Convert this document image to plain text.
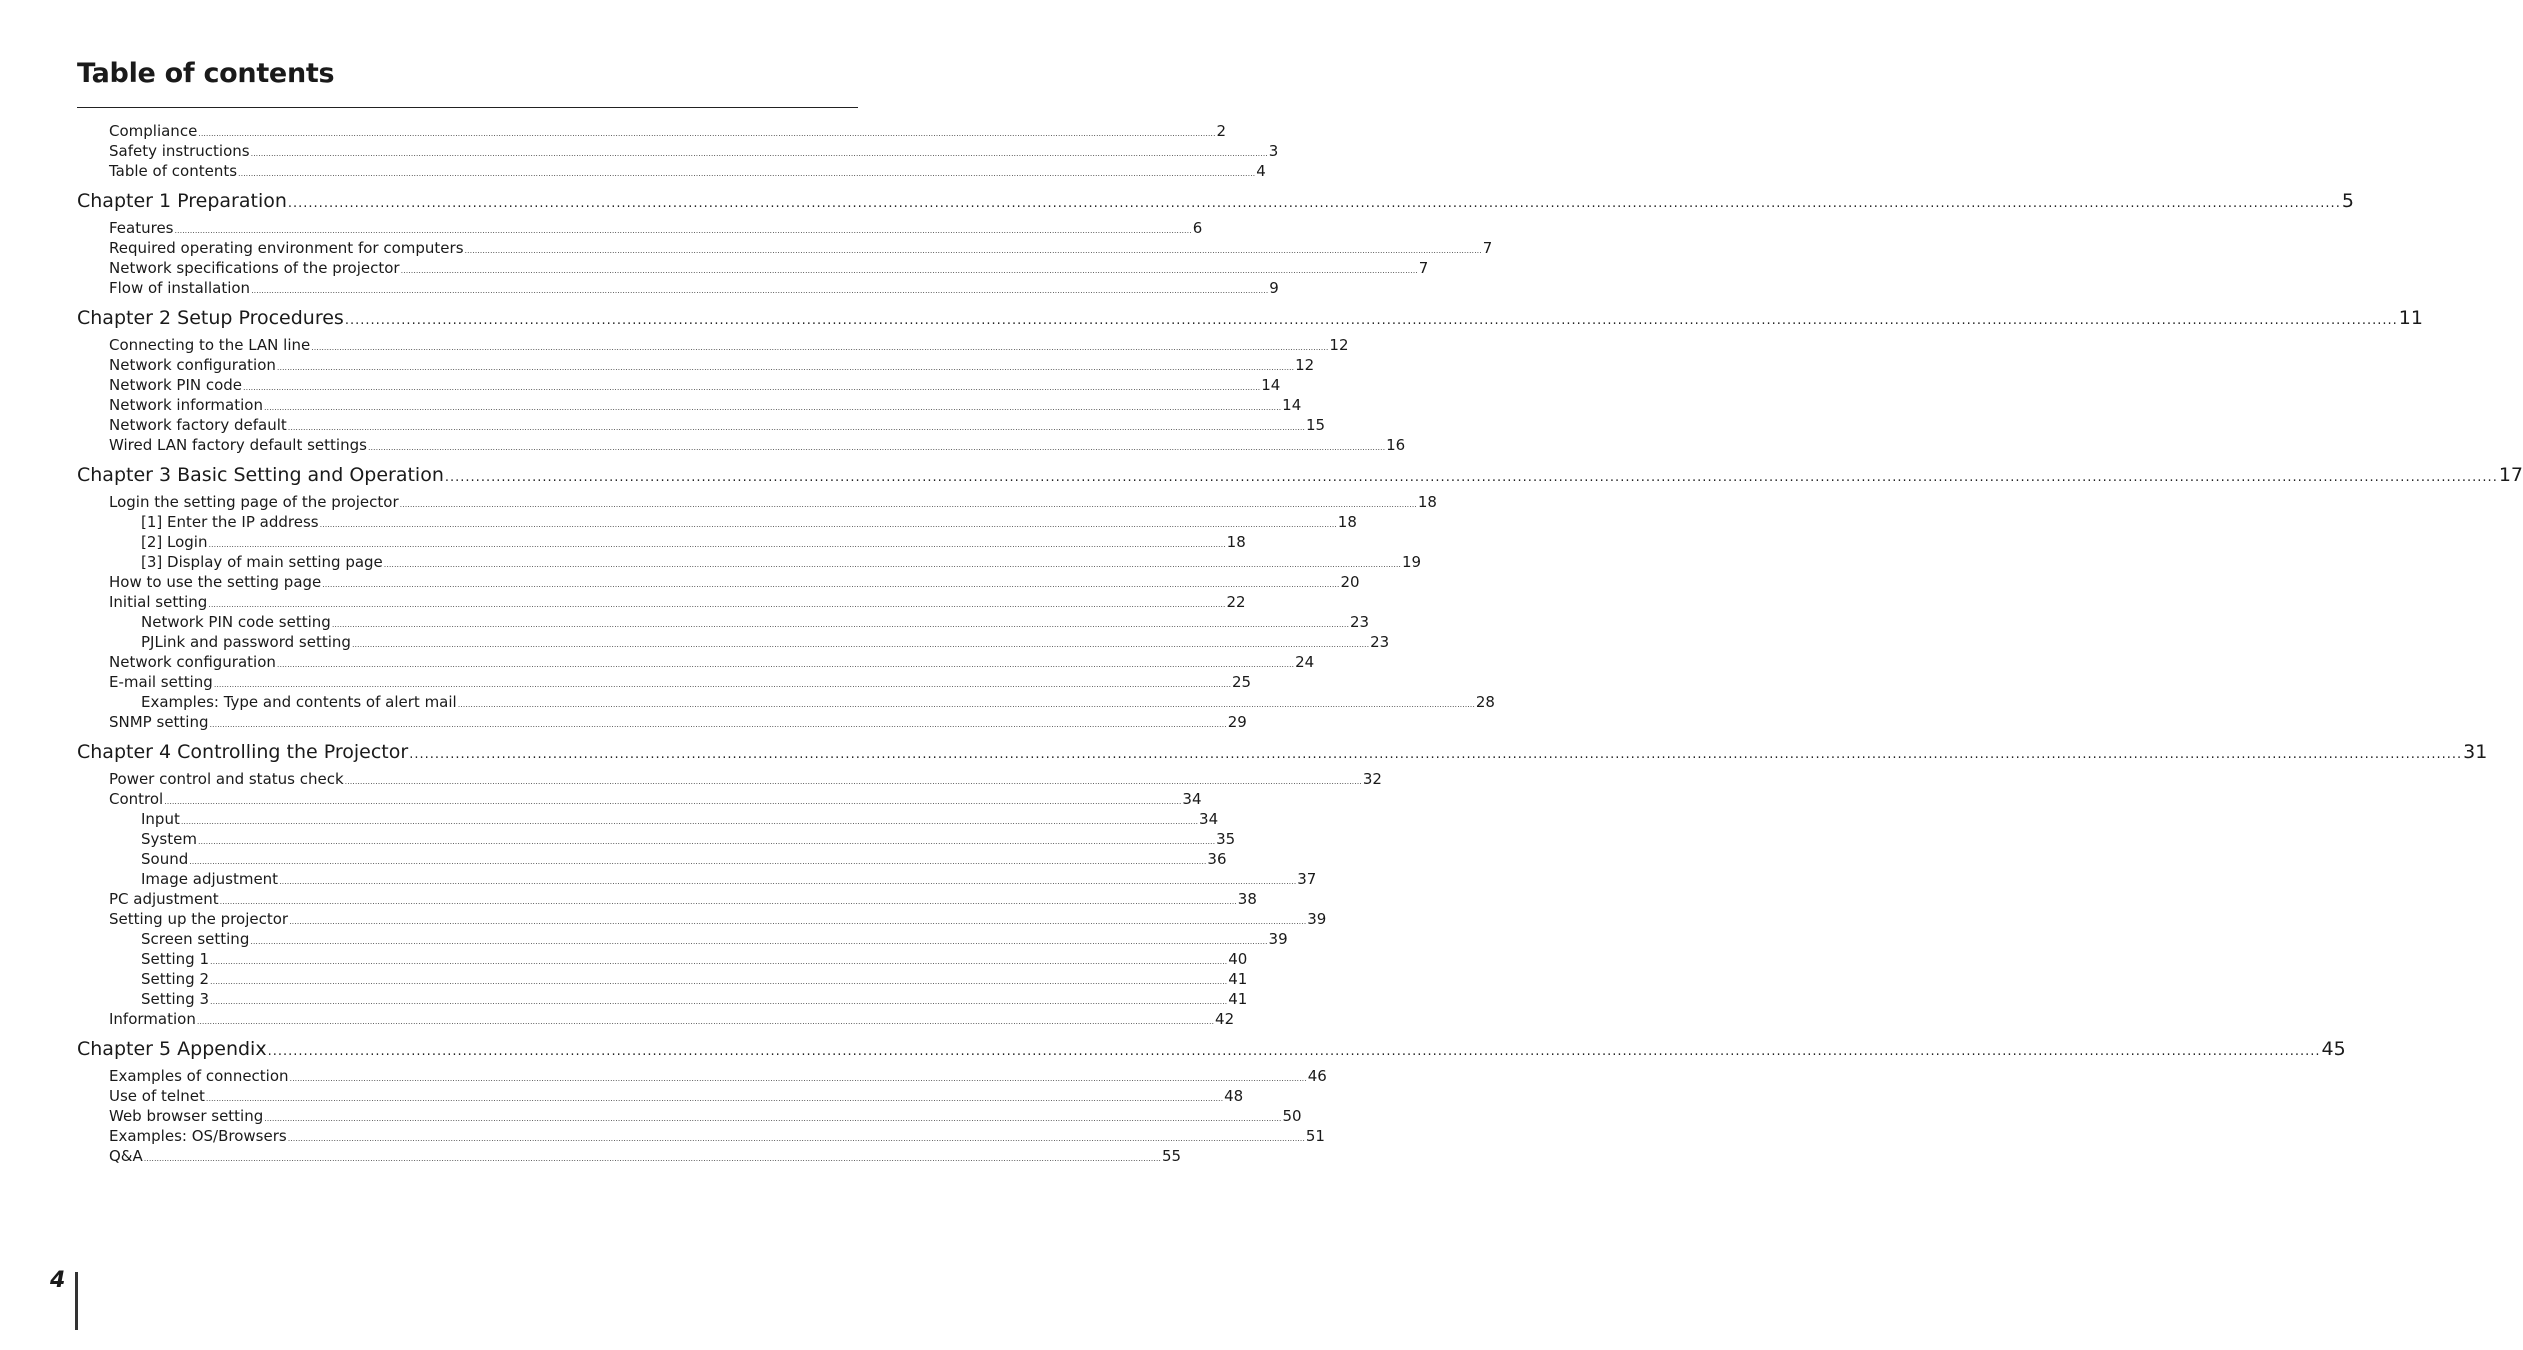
Table of contents
Compliance ................................................................................................................................................................................................................................................................................................................................................................................................................ 2
Safety instructions ................................................................................................................................................................................................................................................................................................................................................................................................................ 3
Table of contents ................................................................................................................................................................................................................................................................................................................................................................................................................ 4
Chapter 1 Preparation ................................................................................................................................................................................................................................................................................................................................................................................................................ 5
Features ................................................................................................................................................................................................................................................................................................................................................................................................................ 6
Required operating environment for computers ................................................................................................................................................................................................................................................................................................................................................................................................................ 7
Network specifications of the projector ................................................................................................................................................................................................................................................................................................................................................................................................................ 7
Flow of installation ................................................................................................................................................................................................................................................................................................................................................................................................................ 9
Chapter 2 Setup Procedures ................................................................................................................................................................................................................................................................................................................................................................................................................ 11
Connecting to the LAN line ................................................................................................................................................................................................................................................................................................................................................................................................................ 12
Network configuration ................................................................................................................................................................................................................................................................................................................................................................................................................ 12
Network PIN code ................................................................................................................................................................................................................................................................................................................................................................................................................ 14
Network information ................................................................................................................................................................................................................................................................................................................................................................................................................ 14
Network factory default ................................................................................................................................................................................................................................................................................................................................................................................................................ 15
Wired LAN factory default settings ................................................................................................................................................................................................................................................................................................................................................................................................................ 16
Chapter 3 Basic Setting and Operation ................................................................................................................................................................................................................................................................................................................................................................................................................ 17
Login the setting page of the projector ................................................................................................................................................................................................................................................................................................................................................................................................................ 18
[1] Enter the IP address ................................................................................................................................................................................................................................................................................................................................................................................................................ 18
[2] Login ................................................................................................................................................................................................................................................................................................................................................................................................................ 18
[3] Display of main setting page ................................................................................................................................................................................................................................................................................................................................................................................................................ 19
How to use the setting page ................................................................................................................................................................................................................................................................................................................................................................................................................ 20
Initial setting ................................................................................................................................................................................................................................................................................................................................................................................................................ 22
Network PIN code setting ................................................................................................................................................................................................................................................................................................................................................................................................................ 23
PJLink and password setting ................................................................................................................................................................................................................................................................................................................................................................................................................ 23
Network configuration ................................................................................................................................................................................................................................................................................................................................................................................................................ 24
E-mail setting ................................................................................................................................................................................................................................................................................................................................................................................................................ 25
Examples: Type and contents of alert mail ................................................................................................................................................................................................................................................................................................................................................................................................................ 28
SNMP setting ................................................................................................................................................................................................................................................................................................................................................................................................................ 29
Chapter 4 Controlling the Projector ................................................................................................................................................................................................................................................................................................................................................................................................................ 31
Power control and status check ................................................................................................................................................................................................................................................................................................................................................................................................................ 32
Control ................................................................................................................................................................................................................................................................................................................................................................................................................ 34
Input ................................................................................................................................................................................................................................................................................................................................................................................................................ 34
System ................................................................................................................................................................................................................................................................................................................................................................................................................ 35
Sound ................................................................................................................................................................................................................................................................................................................................................................................................................ 36
Image adjustment ................................................................................................................................................................................................................................................................................................................................................................................................................ 37
PC adjustment ................................................................................................................................................................................................................................................................................................................................................................................................................ 38
Setting up the projector ................................................................................................................................................................................................................................................................................................................................................................................................................ 39
Screen setting ................................................................................................................................................................................................................................................................................................................................................................................................................ 39
Setting 1 ................................................................................................................................................................................................................................................................................................................................................................................................................ 40
Setting 2 ................................................................................................................................................................................................................................................................................................................................................................................................................ 41
Setting 3 ................................................................................................................................................................................................................................................................................................................................................................................................................ 41
Information ................................................................................................................................................................................................................................................................................................................................................................................................................ 42
Chapter 5 Appendix ................................................................................................................................................................................................................................................................................................................................................................................................................ 45
Examples of connection ................................................................................................................................................................................................................................................................................................................................................................................................................ 46
Use of telnet ................................................................................................................................................................................................................................................................................................................................................................................................................ 48
Web browser setting ................................................................................................................................................................................................................................................................................................................................................................................................................ 50
Examples: OS/Browsers ................................................................................................................................................................................................................................................................................................................................................................................................................ 51
Q&A ................................................................................................................................................................................................................................................................................................................................................................................................................ 55
4
